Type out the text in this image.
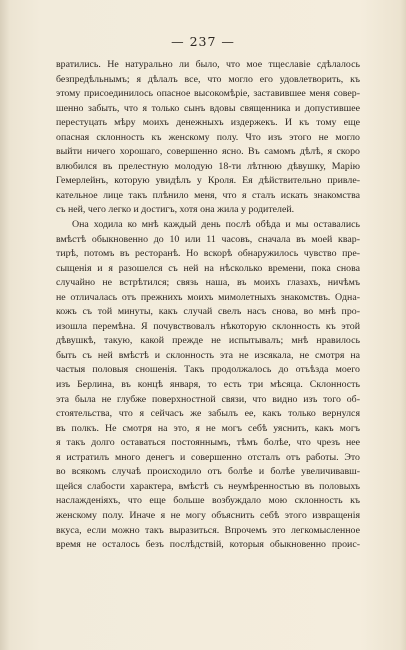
— 237 —
вратились. Не натурально ли было, что мое тщеславіе сдѣлалось
безпредѣльнымъ; я дѣлалъ все, что могло его удовлетворить, къ
этому присоединилось опасное высокомѣріе, заставившее меня совер-
шенно забыть, что я только сынъ вдовы священника и допустившее
перестуцать мѣру моихъ денежныхъ издержекъ. И къ тому еще
опасная склонность къ женскому полу. Что изъ этого не могло
выйти ничего хорошаго, совершенно ясно. Въ самомъ дѣлѣ, я скоро
влюбился въ прелестную молодую 18-ти лѣтнюю дѣвушку, Марію
Гемерлейнъ, которую увидѣлъ у Кроля. Ея дѣйствительно привле-
кательное лице такъ плѣнило меня, что я сталъ искать знакомства
съ ней, чего легко и достигъ, хотя она жила у родителей.
Она ходила ко мнѣ каждый день послѣ обѣда и мы оставались
вмѣстѣ обыкновенно до 10 или 11 часовъ, сначала въ моей квар-
тирѣ, потомъ въ ресторанѣ. Но вскорѣ обнаружилось чувство пре-
сыщенія и я разошелся съ ней на нѣсколько времени, пока снова
случайно не встрѣтился; связь наша, въ моихъ глазахъ, ничѣмъ
не отличалась отъ прежнихъ моихъ мимолетныхъ знакомствъ. Одна-
кожъ съ той минуты, какъ случай свелъ насъ снова, во мнѣ про-
изошла перемѣна. Я почувствовалъ нѣкоторую склонность къ этой
дѣвушкѣ, такую, какой прежде не испытывалъ; мнѣ нравилось
быть съ ней вмѣстѣ и склонность эта не изсякала, не смотря на
частыя половыя сношенія. Такъ продолжалось до отъѣзда моего
изъ Берлина, въ концѣ января, то есть три мѣсяца. Склонность
эта была не глубже поверхностной связи, что видно изъ того об-
стоятельства, что я сейчасъ же забылъ ее, какъ только вернулся
въ полкъ. Не смотря на это, я не могъ себѣ уяснить, какъ могъ
я такъ долго оставаться постояннымъ, тѣмъ болѣе, что чрезъ нее
я истратилъ много денегъ и совершенно отсталъ отъ работы. Это
во всякомъ случаѣ происходило отъ болѣе и болѣе увеличивавш-
щейся слабости характера, вмѣстѣ съ неумѣренностью въ половыхъ
наслажденіяхъ, что еще больше возбуждало мою склонность къ
женскому полу. Иначе я не могу объяснить себѣ этого извращенія
вкуса, если можно такъ выразиться. Впрочемъ это легкомысленное
время не осталось безъ послѣдствій, которыя обыкновенно проис-
